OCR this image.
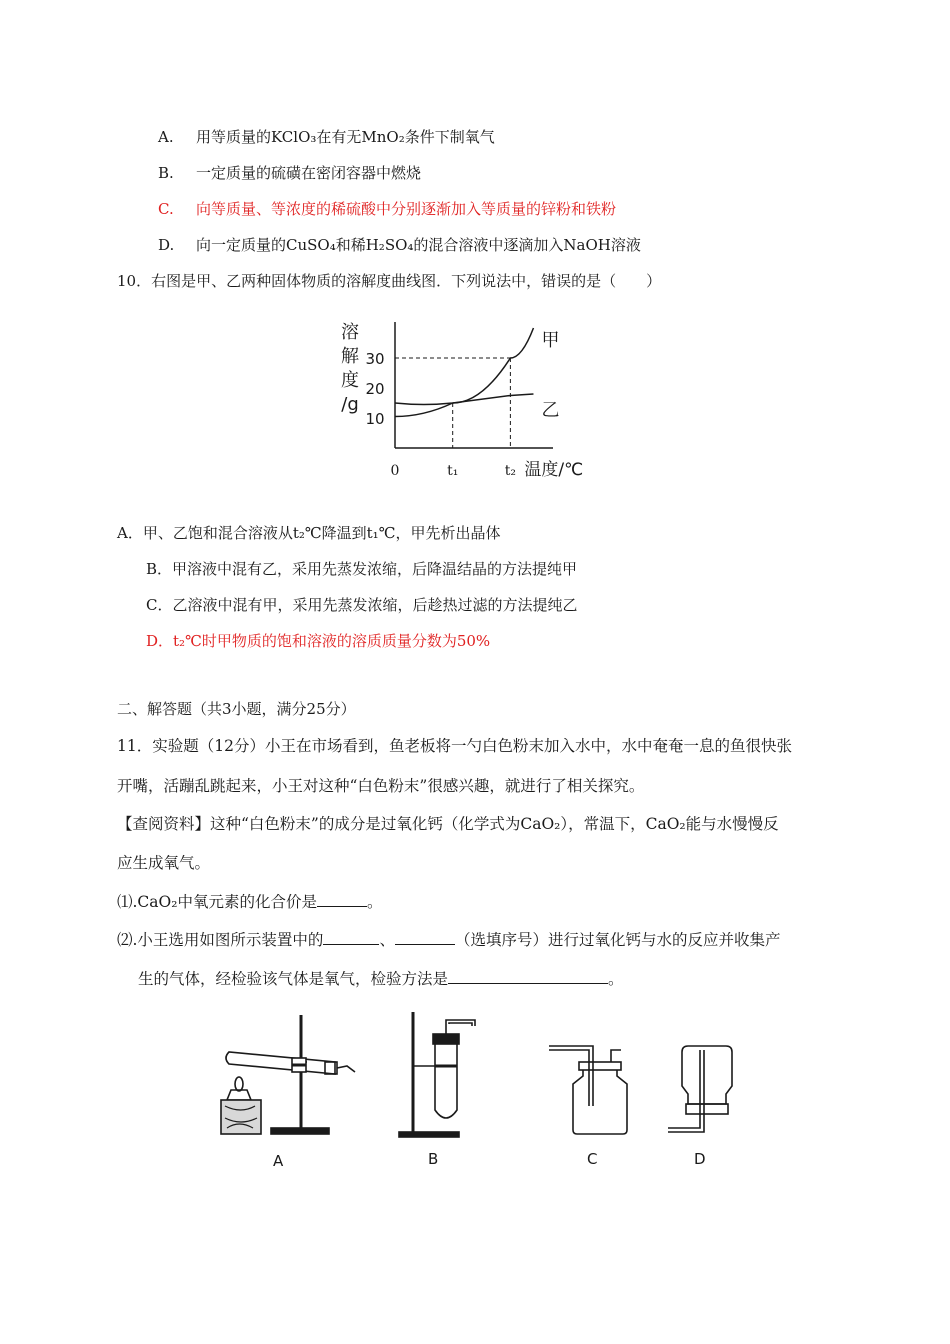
A. 用等质量的KClO₃在有无MnO₂条件下制氧气
B. 一定质量的硫磺在密闭容器中燃烧
C. 向等质量、等浓度的稀硫酸中分别逐渐加入等质量的锌粉和铁粉
D. 向一定质量的CuSO₄和稀H₂SO₄的混合溶液中逐滴加入NaOH溶液
10．右图是甲、乙两种固体物质的溶解度曲线图．下列说法中，错误的是（　　）
溶
解
度
/g
10
20
30
0	t₁	t₂ 温度/℃
甲
乙
A．甲、乙饱和混合溶液从t₂℃降温到t₁℃，甲先析出晶体
B．甲溶液中混有乙，采用先蒸发浓缩，后降温结晶的方法提纯甲
C．乙溶液中混有甲，采用先蒸发浓缩，后趁热过滤的方法提纯乙
D．t₂℃时甲物质的饱和溶液的溶质质量分数为50%
二、解答题（共3小题，满分25分）
11．实验题（12分）小王在市场看到，鱼老板将一勺白色粉末加入水中，水中奄奄一息的鱼很快张
开嘴，活蹦乱跳起来，小王对这种“白色粉末”很感兴趣，就进行了相关探究。
【查阅资料】这种“白色粉末”的成分是过氧化钙（化学式为CaO₂），常温下，CaO₂能与水慢慢反
应生成氧气。
⑴.CaO₂中氧元素的化合价是	。
⑵.小王选用如图所示装置中的	、	（选填序号）进行过氧化钙与水的反应并收集产
生的气体，经检验该气体是氧气，检验方法是	。
A	B	C	D
